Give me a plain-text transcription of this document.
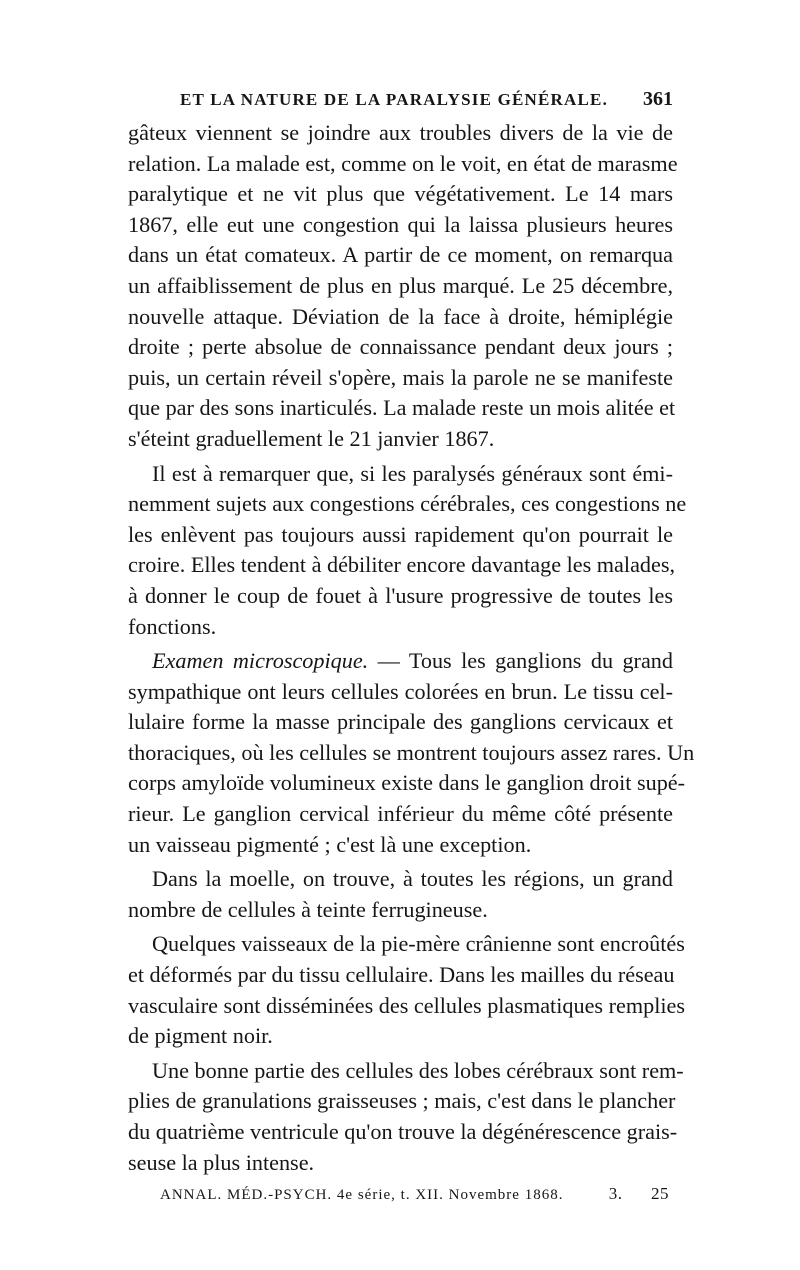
ET LA NATURE DE LA PARALYSIE GÉNÉRALE. 361

gâteux viennent se joindre aux troubles divers de la vie de
relation. La malade est, comme on le voit, en état de marasme
paralytique et ne vit plus que végétativement. Le 14 mars
1867, elle eut une congestion qui la laissa plusieurs heures
dans un état comateux. A partir de ce moment, on remarqua
un affaiblissement de plus en plus marqué. Le 25 décembre,
nouvelle attaque. Déviation de la face à droite, hémiplégie
droite ; perte absolue de connaissance pendant deux jours ;
puis, un certain réveil s'opère, mais la parole ne se manifeste
que par des sons inarticulés. La malade reste un mois alitée et
s'éteint graduellement le 21 janvier 1867.

Il est à remarquer que, si les paralysés généraux sont émi-
nemment sujets aux congestions cérébrales, ces congestions ne
les enlèvent pas toujours aussi rapidement qu'on pourrait le
croire. Elles tendent à débiliter encore davantage les malades,
à donner le coup de fouet à l'usure progressive de toutes les
fonctions.

Examen microscopique. — Tous les ganglions du grand
sympathique ont leurs cellules colorées en brun. Le tissu cel-
lulaire forme la masse principale des ganglions cervicaux et
thoraciques, où les cellules se montrent toujours assez rares. Un
corps amyloïde volumineux existe dans le ganglion droit supé-
rieur. Le ganglion cervical inférieur du même côté présente
un vaisseau pigmenté ; c'est là une exception.

Dans la moelle, on trouve, à toutes les régions, un grand
nombre de cellules à teinte ferrugineuse.

Quelques vaisseaux de la pie-mère crânienne sont encroûtés
et déformés par du tissu cellulaire. Dans les mailles du réseau
vasculaire sont disséminées des cellules plasmatiques remplies
de pigment noir.

Une bonne partie des cellules des lobes cérébraux sont rem-
plies de granulations graisseuses ; mais, c'est dans le plancher
du quatrième ventricule qu'on trouve la dégénérescence grais-
seuse la plus intense.

ANNAL. MÉD.-PSYCH. 4e série, t. XII. Novembre 1868.	3. 25
